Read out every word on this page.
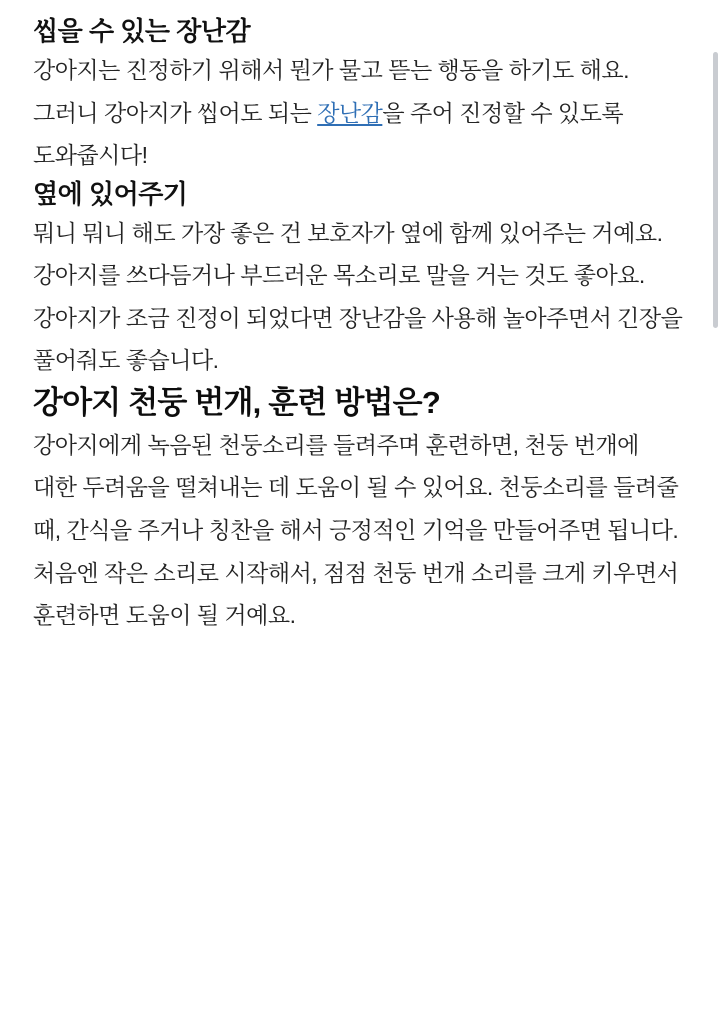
씹을 수 있는 장난감

강아지는 진정하기 위해서 뭔가 물고 뜯는 행동을 하기도 해요. 그러니 강아지가 씹어도 되는 장난감을 주어 진정할 수 있도록 도와줍시다!

옆에 있어주기

뭐니 뭐니 해도 가장 좋은 건 보호자가 옆에 함께 있어주는 거예요. 강아지를 쓰다듬거나 부드러운 목소리로 말을 거는 것도 좋아요. 강아지가 조금 진정이 되었다면 장난감을 사용해 놀아주면서 긴장을 풀어줘도 좋습니다.

강아지 천둥 번개, 훈련 방법은?

강아지에게 녹음된 천둥소리를 들려주며 훈련하면, 천둥 번개에 대한 두려움을 떨쳐내는 데 도움이 될 수 있어요. 천둥소리를 들려줄 때, 간식을 주거나 칭찬을 해서 긍정적인 기억을 만들어주면 됩니다.

처음엔 작은 소리로 시작해서, 점점 천둥 번개 소리를 크게 키우면서 훈련하면 도움이 될 거예요.
